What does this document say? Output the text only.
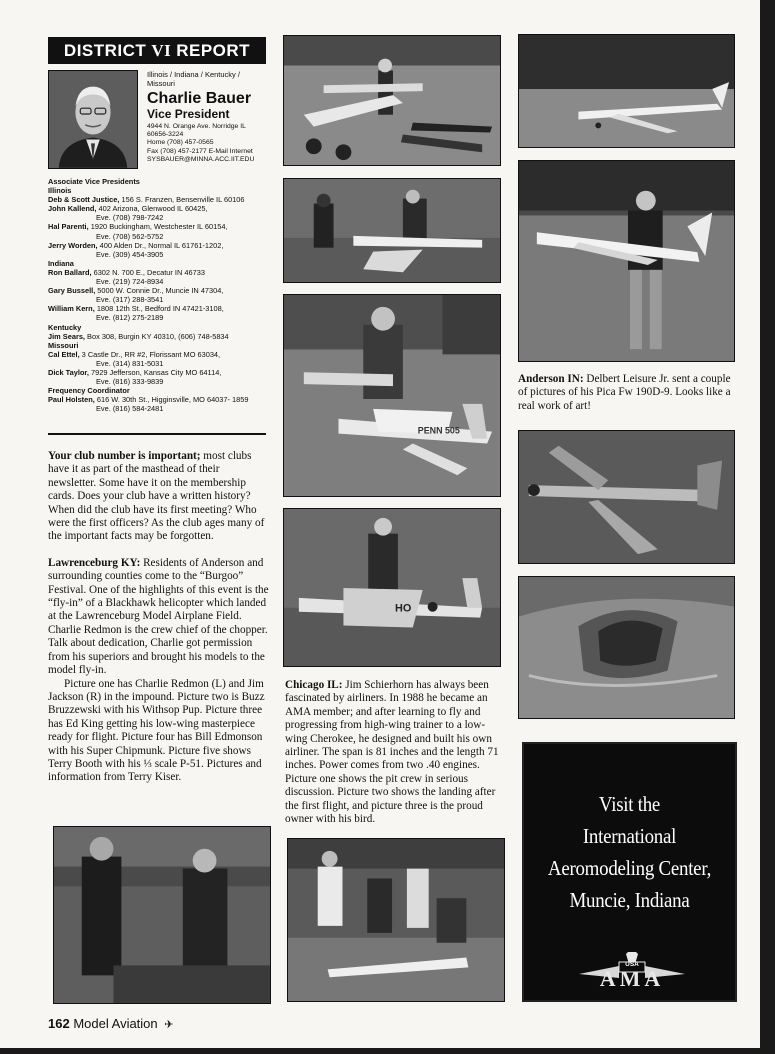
DISTRICT VI REPORT
Illinois / Indiana / Kentucky / Missouri
Charlie Bauer
Vice President
4944 N. Orange Ave. Norridge IL
60656-3224
Home (708) 457-0565
Fax (708) 457-2177 E-Mail Internet
SYSBAUER@MINNA.ACC.IIT.EDU
Associate Vice Presidents
Illinois
Deb & Scott Justice, 156 S. Franzen, Bensenville IL 60106
John Kallend, 402 Arizona, Glenwood IL 60425,
Eve. (708) 798-7242
Hal Parenti, 1920 Buckingham, Westchester IL 60154,
Eve. (708) 562-5752
Jerry Worden, 400 Alden Dr., Normal IL 61761-1202,
Eve. (309) 454-3905
Indiana
Ron Ballard, 6302 N. 700 E., Decatur IN 46733
Eve. (219) 724-8934
Gary Bussell, 5000 W. Connie Dr., Muncie IN 47304,
Eve. (317) 288-3541
William Kern, 1808 12th St., Bedford IN 47421-3108,
Eve. (812) 275-2189
Kentucky
Jim Sears, Box 308, Burgin KY 40310, (606) 748-5834
Missouri
Cal Ettel, 3 Castle Dr., RR #2, Florissant MO 63034,
Eve. (314) 831-5031
Dick Taylor, 7929 Jefferson, Kansas City MO 64114,
Eve. (816) 333-9839
Frequency Coordinator
Paul Holsten, 616 W. 30th St., Higginsville, MO 64037- 1859
Eve. (816) 584-2481

Your club number is important; most clubs have it as part of the masthead of their newsletter. Some have it on the membership cards. Does your club have a written history? When did the club have its first meeting? Who were the first officers? As the club ages many of the important facts may be forgotten.

Lawrenceburg KY: Residents of Anderson and surrounding counties come to the “Burgoo” Festival. One of the highlights of this event is the “fly-in” of a Blackhawk helicopter which landed at the Lawrenceburg Model Airplane Field. Charlie Redmon is the crew chief of the chopper. Talk about dedication, Charlie got permission from his superiors and brought his models to the model fly-in.

Picture one has Charlie Redmon (L) and Jim Jackson (R) in the impound. Picture two is Buzz Bruzzewski with his Withsop Pup. Picture three has Ed King getting his low-wing masterpiece ready for flight. Picture four has Bill Edmonson with his Super Chipmunk. Picture five shows Terry Booth with his ⅓ scale P-51. Pictures and information from Terry Kiser.

PENN 505
HO

Chicago IL: Jim Schierhorn has always been fascinated by airliners. In 1988 he became an AMA member; and after learning to fly and progressing from high-wing trainer to a low-wing Cherokee, he designed and built his own airliner. The span is 81 inches and the length 71 inches. Power comes from two .40 engines. Picture one shows the pit crew in serious discussion. Picture two shows the landing after the first flight, and picture three is the proud owner with his bird.

Anderson IN: Delbert Leisure Jr. sent a couple of pictures of his Pica Fw 190D-9. Looks like a real work of art!

Visit the
International
Aeromodeling Center,
Muncie, Indiana
USA
AMA
162 Model Aviation ✈
